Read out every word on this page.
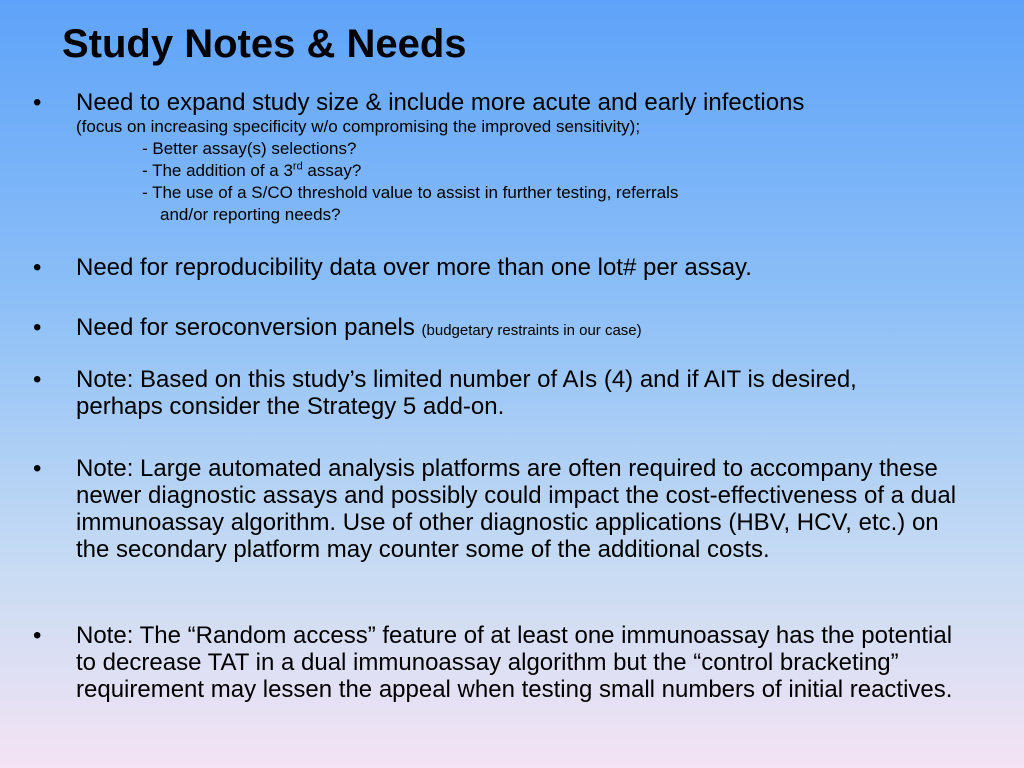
Study Notes & Needs
• Need to expand study size & include more acute and early infections
(focus on increasing specificity w/o compromising the improved sensitivity);
- Better assay(s) selections?
- The addition of a 3rd assay?
- The use of a S/CO threshold value to assist in further testing, referrals
and/or reporting needs?
• Need for reproducibility data over more than one lot# per assay.
• Need for seroconversion panels (budgetary restraints in our case)
• Note: Based on this study’s limited number of AIs (4) and if AIT is desired, perhaps consider the Strategy 5 add-on.
• Note: Large automated analysis platforms are often required to accompany these newer diagnostic assays and possibly could impact the cost-effectiveness of a dual immunoassay algorithm. Use of other diagnostic applications (HBV, HCV, etc.) on the secondary platform may counter some of the additional costs.
• Note: The “Random access” feature of at least one immunoassay has the potential to decrease TAT in a dual immunoassay algorithm but the “control bracketing” requirement may lessen the appeal when testing small numbers of initial reactives.
